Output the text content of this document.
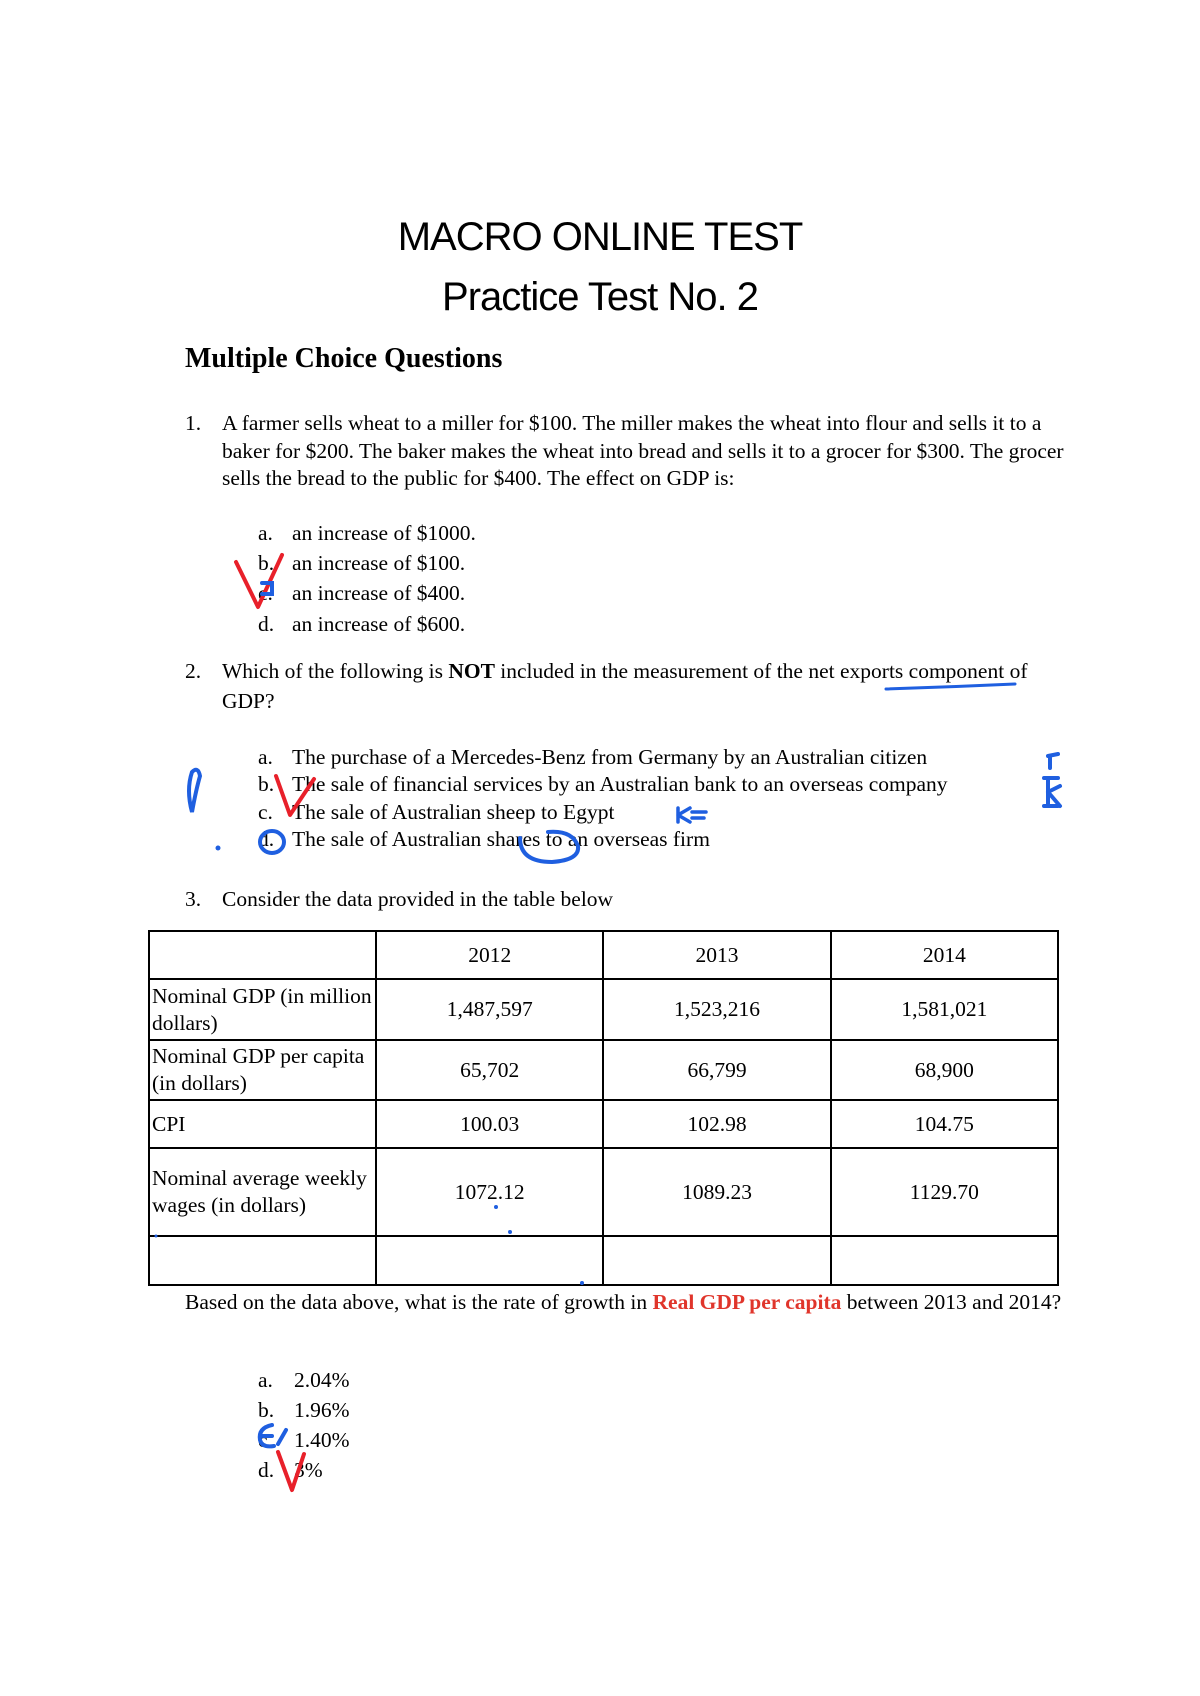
MACRO ONLINE TEST
Practice Test No. 2
Multiple Choice Questions
1. A farmer sells wheat to a miller for $100. The miller makes the wheat into flour and sells it to a baker for $200. The baker makes the wheat into bread and sells it to a grocer for $300. The grocer sells the bread to the public for $400. The effect on GDP is:
a. an increase of $1000.
b. an increase of $100.
c. an increase of $400.
d. an increase of $600.
2. Which of the following is NOT included in the measurement of the net exports component of GDP?
a. The purchase of a Mercedes-Benz from Germany by an Australian citizen
b. The sale of financial services by an Australian bank to an overseas company
c. The sale of Australian sheep to Egypt
d. The sale of Australian shares to an overseas firm
3. Consider the data provided in the table below
	2012	2013	2014
Nominal GDP (in million dollars)	1,487,597	1,523,216	1,581,021
Nominal GDP per capita (in dollars)	65,702	66,799	68,900
CPI	100.03	102.98	104.75
Nominal average weekly wages (in dollars)	1072.12	1089.23	1129.70

Based on the data above, what is the rate of growth in Real GDP per capita between 2013 and 2014?
a. 2.04%
b. 1.96%
c. 1.40%
d. 3%
